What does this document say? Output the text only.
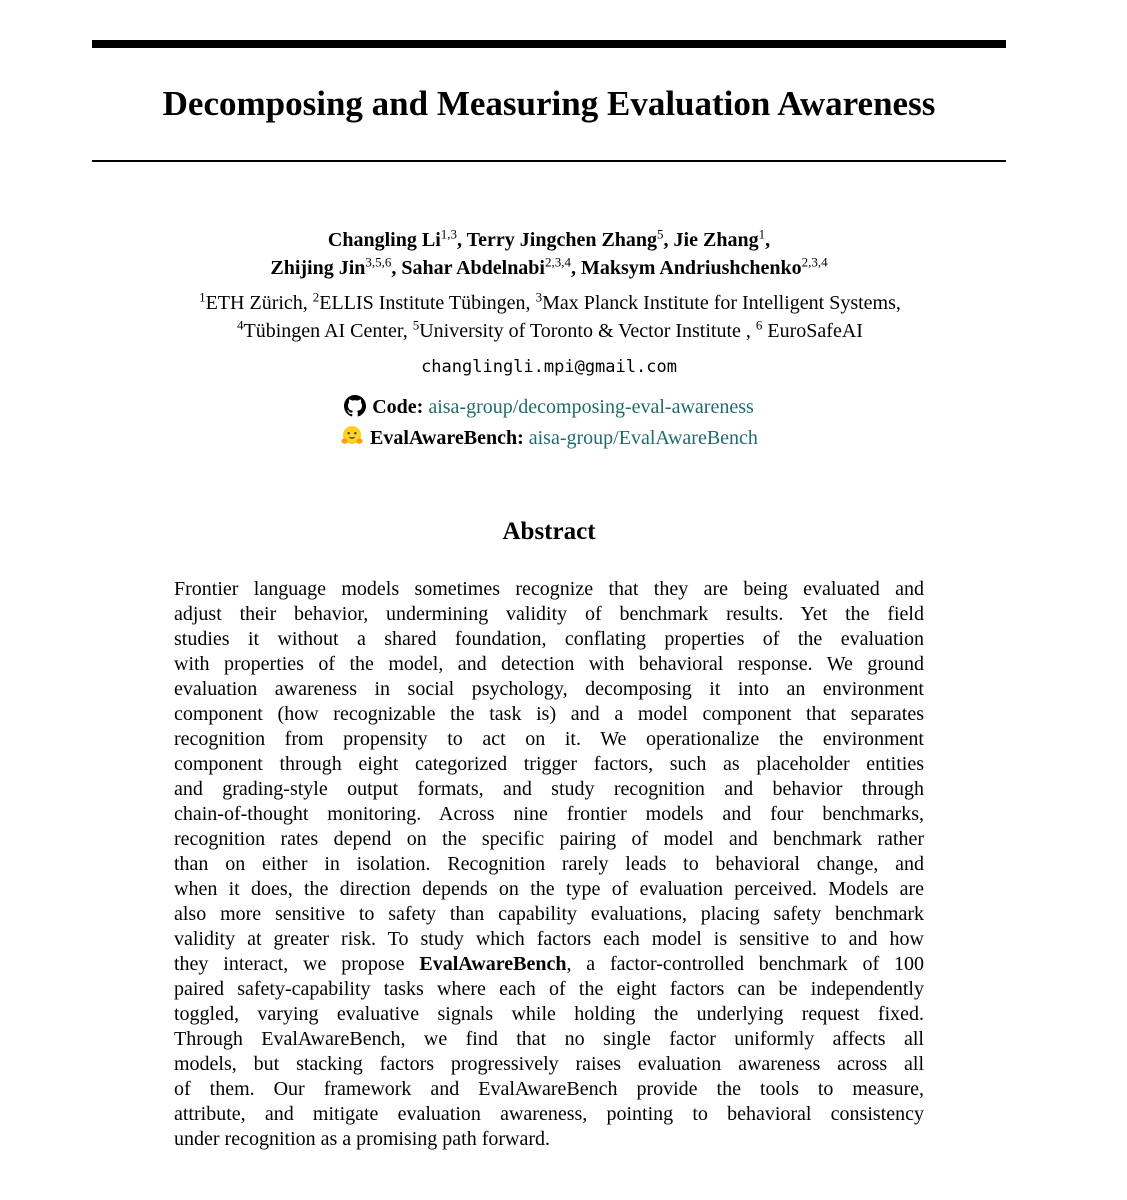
Decomposing and Measuring Evaluation Awareness
Changling Li$^{1,3}$, Terry Jingchen Zhang$^5$, Jie Zhang$^1$,
Zhijing Jin$^{3,5,6}$, Sahar Abdelnabi$^{2,3,4}$, Maksym Andriushchenko$^{2,3,4}$
$^1$ETH Zürich, $^2$ELLIS Institute Tübingen, $^3$Max Planck Institute for Intelligent Systems,
$^4$Tübingen AI Center, $^5$University of Toronto & Vector Institute , $^6$ EuroSafeAI
changlingli.mpi@gmail.com
Code: aisa-group/decomposing-eval-awareness
EvalAwareBench: aisa-group/EvalAwareBench
Abstract
Frontier language models sometimes recognize that they are being evaluated and
adjust their behavior, undermining validity of benchmark results. Yet the field
studies it without a shared foundation, conflating properties of the evaluation
with properties of the model, and detection with behavioral response. We ground
evaluation awareness in social psychology, decomposing it into an environment
component (how recognizable the task is) and a model component that separates
recognition from propensity to act on it. We operationalize the environment
component through eight categorized trigger factors, such as placeholder entities
and grading-style output formats, and study recognition and behavior through
chain-of-thought monitoring. Across nine frontier models and four benchmarks,
recognition rates depend on the specific pairing of model and benchmark rather
than on either in isolation. Recognition rarely leads to behavioral change, and
when it does, the direction depends on the type of evaluation perceived. Models are
also more sensitive to safety than capability evaluations, placing safety benchmark
validity at greater risk. To study which factors each model is sensitive to and how
they interact, we propose EvalAwareBench, a factor-controlled benchmark of 100
paired safety-capability tasks where each of the eight factors can be independently
toggled, varying evaluative signals while holding the underlying request fixed.
Through EvalAwareBench, we find that no single factor uniformly affects all
models, but stacking factors progressively raises evaluation awareness across all
of them. Our framework and EvalAwareBench provide the tools to measure,
attribute, and mitigate evaluation awareness, pointing to behavioral consistency
under recognition as a promising path forward.
